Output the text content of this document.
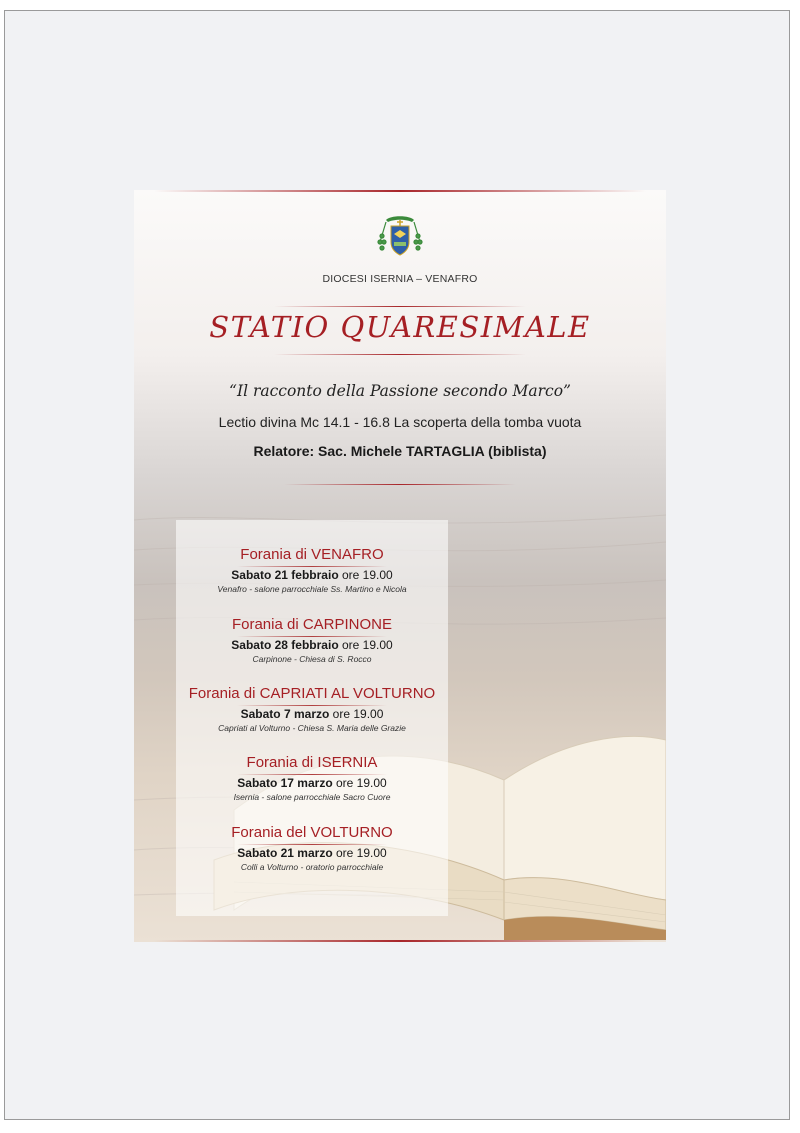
DIOCESI ISERNIA – VENAFRO
STATIO QUARESIMALE
“Il racconto della Passione secondo Marco”
Lectio divina Mc 14.1 - 16.8 La scoperta della tomba vuota
Relatore: Sac. Michele TARTAGLIA (biblista)
Forania di VENAFRO
Sabato 21 febbraio ore 19.00
Venafro - salone parrocchiale Ss. Martino e Nicola
Forania di CARPINONE
Sabato 28 febbraio ore 19.00
Carpinone - Chiesa di S. Rocco
Forania di CAPRIATI AL VOLTURNO
Sabato 7 marzo ore 19.00
Capriati al Volturno - Chiesa S. Maria delle Grazie
Forania di ISERNIA
Sabato 17 marzo ore 19.00
Isernia - salone parrocchiale Sacro Cuore
Forania del VOLTURNO
Sabato 21 marzo ore 19.00
Colli a Volturno - oratorio parrocchiale
